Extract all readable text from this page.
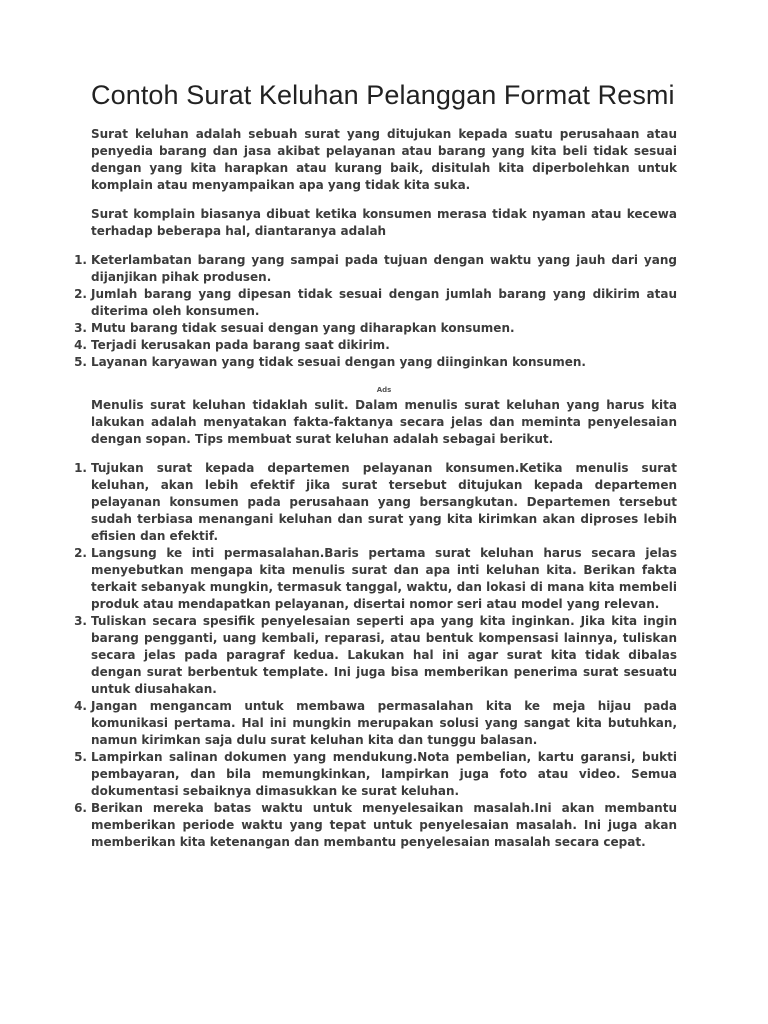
Contoh Surat Keluhan Pelanggan Format Resmi

Surat keluhan adalah sebuah surat yang ditujukan kepada suatu perusahaan atau penyedia barang dan jasa akibat pelayanan atau barang yang kita beli tidak sesuai dengan yang kita harapkan atau kurang baik, disitulah kita diperbolehkan untuk komplain atau menyampaikan apa yang tidak kita suka.

Surat komplain biasanya dibuat ketika konsumen merasa tidak nyaman atau kecewa terhadap beberapa hal, diantaranya adalah

1. Keterlambatan barang yang sampai pada tujuan dengan waktu yang jauh dari yang dijanjikan pihak produsen.
2. Jumlah barang yang dipesan tidak sesuai dengan jumlah barang yang dikirim atau diterima oleh konsumen.
3. Mutu barang tidak sesuai dengan yang diharapkan konsumen.
4. Terjadi kerusakan pada barang saat dikirim.
5. Layanan karyawan yang tidak sesuai dengan yang diinginkan konsumen.
Ads

Menulis surat keluhan tidaklah sulit. Dalam menulis surat keluhan yang harus kita lakukan adalah menyatakan fakta-faktanya secara jelas dan meminta penyelesaian dengan sopan. Tips membuat surat keluhan adalah sebagai berikut.

1. Tujukan surat kepada departemen pelayanan konsumen.Ketika menulis surat keluhan, akan lebih efektif jika surat tersebut ditujukan kepada departemen pelayanan konsumen pada perusahaan yang bersangkutan. Departemen tersebut sudah terbiasa menangani keluhan dan surat yang kita kirimkan akan diproses lebih efisien dan efektif.
2. Langsung ke inti permasalahan.Baris pertama surat keluhan harus secara jelas menyebutkan mengapa kita menulis surat dan apa inti keluhan kita. Berikan fakta terkait sebanyak mungkin, termasuk tanggal, waktu, dan lokasi di mana kita membeli produk atau mendapatkan pelayanan, disertai nomor seri atau model yang relevan.
3. Tuliskan secara spesifik penyelesaian seperti apa yang kita inginkan. Jika kita ingin barang pengganti, uang kembali, reparasi, atau bentuk kompensasi lainnya, tuliskan secara jelas pada paragraf kedua. Lakukan hal ini agar surat kita tidak dibalas dengan surat berbentuk template. Ini juga bisa memberikan penerima surat sesuatu untuk diusahakan.
4. Jangan mengancam untuk membawa permasalahan kita ke meja hijau pada komunikasi pertama. Hal ini mungkin merupakan solusi yang sangat kita butuhkan, namun kirimkan saja dulu surat keluhan kita dan tunggu balasan.
5. Lampirkan salinan dokumen yang mendukung.Nota pembelian, kartu garansi, bukti pembayaran, dan bila memungkinkan, lampirkan juga foto atau video. Semua dokumentasi sebaiknya dimasukkan ke surat keluhan.
6. Berikan mereka batas waktu untuk menyelesaikan masalah.Ini akan membantu memberikan periode waktu yang tepat untuk penyelesaian masalah. Ini juga akan memberikan kita ketenangan dan membantu penyelesaian masalah secara cepat.
